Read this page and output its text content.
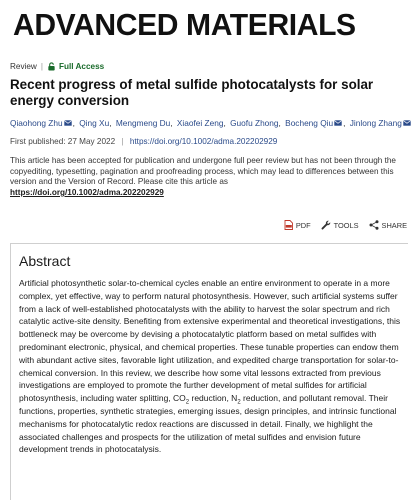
ADVANCED MATERIALS
Review | Full Access
Recent progress of metal sulfide photocatalysts for solar energy conversion
Qiaohong Zhu , Qing Xu, Mengmeng Du, Xiaofei Zeng, Guofu Zhong, Bocheng Qiu , Jinlong Zhang
First published: 27 May 2022 | https://doi.org/10.1002/adma.202202929
This article has been accepted for publication and undergone full peer review but has not been through the copyediting, typesetting, pagination and proofreading process, which may lead to differences between this version and the Version of Record. Please cite this article as
https://doi.org/10.1002/adma.202202929
PDF	TOOLS	SHARE
Abstract
Artificial photosynthetic solar-to-chemical cycles enable an entire environment to operate in a more complex, yet effective, way to perform natural photosynthesis. However, such artificial systems suffer from a lack of well-established photocatalysts with the ability to harvest the solar spectrum and rich catalytic active-site density. Benefiting from extensive experimental and theoretical investigations, this bottleneck may be overcome by devising a photocatalytic platform based on metal sulfides with predominant electronic, physical, and chemical properties. These tunable properties can endow them with abundant active sites, favorable light utilization, and expedited charge transportation for solar-to-chemical conversion. In this review, we describe how some vital lessons extracted from previous investigations are employed to promote the further development of metal sulfides for artificial photosynthesis, including water splitting, $CO_2$ reduction, $N_2$ reduction, and pollutant removal. Their functions, properties, synthetic strategies, emerging issues, design principles, and intrinsic functional mechanisms for photocatalytic redox reactions are discussed in detail. Finally, we highlight the associated challenges and prospects for the utilization of metal sulfides and envision future development trends in photocatalysis.
